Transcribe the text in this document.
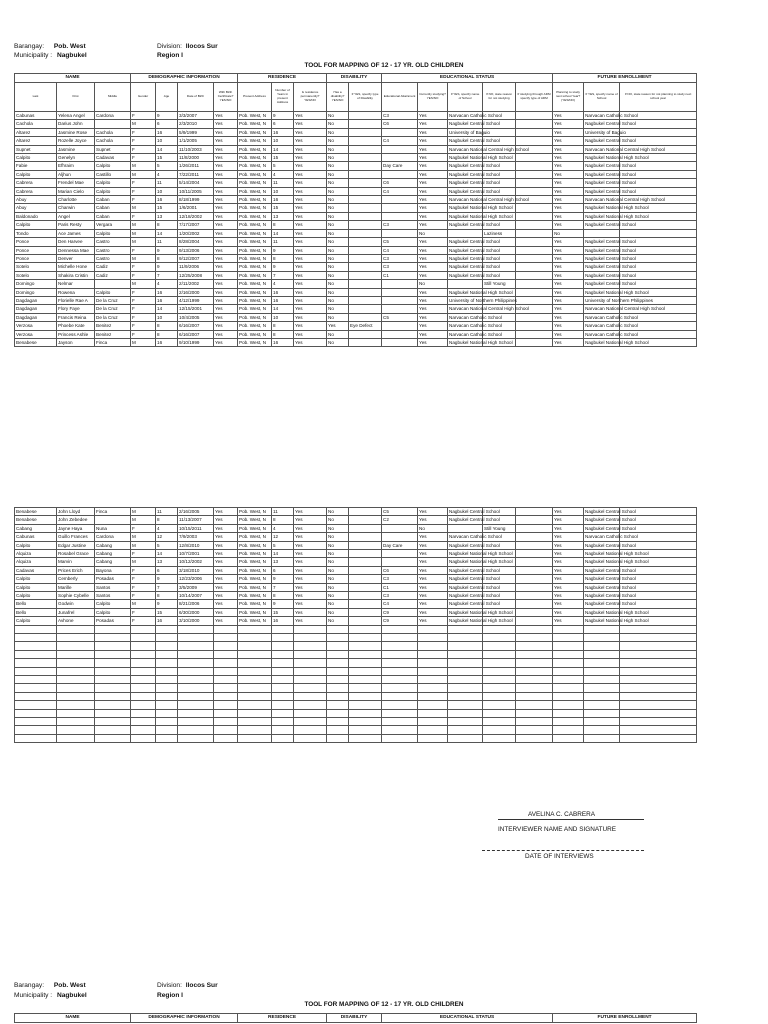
Barangay: Pob. West
Municipality : Nagbukel
Division: Ilocos Sur
Region I
TOOL FOR MAPPING OF 12 - 17 YR. OLD CHILDREN
NAME			DEMOGRAPHIC INFORMATION				RESIDENCE			DISABILITY		EDUCATIONAL STATUS					FUTURE ENROLLMENT		
Last	First	Middle	Gender	Age	Date of Birth	With Birth Certificate? YES/NO	Present Address	Number of Years in present Address	Is residence permanently? YES/NO	Has a disability? YES/NO	If YES, specify type of Disability	Educational Attainment	Currently studying? YES/NO	If YES, specify name of School	If NO, state reason for not studying	If studying through ADM specify type of ADM	Planning to study next school Year? (YES/NO)	If YES, specify name of School	If NO, state reason for not planning to study next school year
Cabunas	Yelena Angel	Cardona	F	9	3/3/2007	Yes	Pob. West, N	9	Yes	No		C3	Yes	Narvacan Catholic School			Yes	Narvacan Catholic School	
Cachola	Darius John		M	6	2/3/2010	Yes	Pob. West, N	6	Yes	No		C6	Yes	Nagbukel Central School			Yes	Nagbukel Central School	
Altarez	Jasmine Rose	Cachola	F	16	5/9/1999	Yes	Pob. West, N	16	Yes	No			Yes	University of Baguio			Yes	University of Baguio	
Altarez	Rozelle Joyce	Cachola	F	10	1/1/2005	Yes	Pob. West, N	10	Yes	No		C4	Yes	Nagbukel Central School			Yes	Nagbukel Central School	
Supnet	Jasmine	Supnet	F	14	11/10/2003	Yes	Pob. West, N	14	Yes	No			Yes	Narvacan National Central High School			Yes	Narvacan National Central High School	
Calpito	Genelyn	Cadavas	F	15	11/8/2000	Yes	Pob. West, N	15	Yes	No			Yes	Nagbukel National High School			Yes	Nagbukel National High School	
Fabie	Efhraim	Calpito	M	5	1/26/2011	Yes	Pob. West, N	5	Yes	No		Day Care	Yes	Nagbukel Central School			Yes	Nagbukel Central School	
Calpito	Aljhun	Castillo	M	4	7/22/2011	Yes	Pob. West, N	4	Yes	No			Yes	Nagbukel Central School			Yes	Nagbukel Central School	
Cabrera	Frendel Mae	Calpito	F	11	5/14/2004	Yes	Pob. West, N	11	Yes	No		C6	Yes	Nagbukel Central School			Yes	Nagbukel Central School	
Cabrera	Marian Cielo	Calpito	F	10	10/11/2005	Yes	Pob. West, N	10	Yes	No		C4	Yes	Nagbukel Central School			Yes	Nagbukel Central School	
Abuy	Charlotte	Caban	F	16	8/18/1999	Yes	Pob. West, N	16	Yes	No			Yes	Narvacan National Central High School			Yes	Narvacan National Central High School	
Abuy	Charwin	Caban	M	15	1/6/2001	Yes	Pob. West, N	15	Yes	No			Yes	Nagbukel National High School			Yes	Nagbukel National High School	
Baldonado	Angel	Caban	F	13	12/18/2002	Yes	Pob. West, N	13	Yes	No			Yes	Nagbukel National High School			Yes	Nagbukel National High School	
Calpito	Paris Resty	Vergara	M	8	7/17/2007	Yes	Pob. West, N	8	Yes	No		C3	Yes	Nagbukel Central School			Yes	Nagbukel Central School	
Tondo	Ace James	Calpito	M	14	1/20/2002	Yes	Pob. West, N	14	Yes	No			No		Laziness		No		
Ponce	Den Harvee	Castro	M	11	8/28/2004	Yes	Pob. West, N	11	Yes	No		C5	Yes	Nagbukel Central School			Yes	Nagbukel Central School	
Ponce	Dennessa Mae	Castro	F	9	9/13/2006	Yes	Pob. West, N	9	Yes	No		C4	Yes	Nagbukel Central School			Yes	Nagbukel Central School	
Ponce	Denver	Castro	M	8	9/12/2007	Yes	Pob. West, N	8	Yes	No		C3	Yes	Nagbukel Central School			Yes	Nagbukel Central School	
Sotelo	Michelle Hone	Cadiz	F	9	11/9/2006	Yes	Pob. West, N	9	Yes	No		C3	Yes	Nagbukel Central School			Yes	Nagbukel Central School	
Sotelo	Shakira Cristin	Cadiz	F	7	12/25/2008	Yes	Pob. West, N	7	Yes	No		C1	Yes	Nagbukel Central School			Yes	Nagbukel Central School	
Domingo	Nelmar		M	4	2/11/2002	Yes	Pob. West, N	4	Yes	No			No		Still Young		Yes	Nagbukel Central School	
Domingo	Rowena	Calpito	F	16	2/16/2000	Yes	Pob. West, N	16	Yes	No			Yes	Nagbukel National High School			Yes	Nagbukel National High School	
Dagdagan	Florielle Rae A	De la Cruz	F	16	4/12/1999	Yes	Pob. West, N	16	Yes	No			Yes	University of Northern Philippines			Yes	University of Northern Philippines	
Dagdagan	Flory Faye	De la Cruz	F	14	12/15/2001	Yes	Pob. West, N	14	Yes	No			Yes	Narvacan National Central High School			Yes	Narvacan National Central High School	
Dagdagan	Francis Reina	De la Cruz	F	10	10/4/2005	Yes	Pob. West, N	10	Yes	No		C5	Yes	Narvacan Catholic School			Yes	Narvacan Catholic School	
Verzosa	Phoebe Kate	Benitez	F	8	6/16/2007	Yes	Pob. West, N	8	Yes	Yes	Eye Defect		Yes	Narvacan Catholic School			Yes	Narvacan Catholic School	
Verzosa	Princess Ashle	Benitez	F	8	6/16/2007	Yes	Pob. West, N	8	Yes	No			Yes	Narvacan Catholic School			Yes	Narvacan Catholic School	
Benabese	Jayson	Finca	M	16	9/10/1999	Yes	Pob. West, N	16	Yes	No			Yes	Nagbukel National High School			Yes	Nagbukel National High School	
Benabese	John Lloyd	Finca	M	11	2/16/2005	Yes	Pob. West, N	11	Yes	No		C5	Yes	Nagbukel Central School			Yes	Nagbukel Central School	
Benabese	John Zebedee		M	8	11/13/2007	Yes	Pob. West, N	8	Yes	No		C2	Yes	Nagbukel Central School			Yes	Nagbukel Central School	
Cabang	Jayne Haya	Nuna	F	4	10/15/2011	Yes	Pob. West, N	4	Yes	No			No		Still Young		Yes	Nagbukel Central School	
Cabunas	Guillo Frances	Cardona	M	12	7/9/2003	Yes	Pob. West, N	12	Yes	No			Yes	Narvacan Catholic School			Yes	Narvacan Catholic School	
Calpito	Edgar Justine	Cabang	M	5	12/8/2010	Yes	Pob. West, N	5	Yes	No		Day Care	Yes	Nagbukel Central School			Yes	Nagbukel Central School	
Alquiza	Rosabel Grace	Cabang	F	14	10/7/2001	Yes	Pob. West, N	14	Yes	No			Yes	Nagbukel National High School			Yes	Nagbukel National High School	
Alquiza	Marvin	Cabang	M	13	10/12/2002	Yes	Pob. West, N	13	Yes	No			Yes	Nagbukel National High School			Yes	Nagbukel National High School	
Cadavas	Prices Erich	Bayona	F	6	3/18/2010	Yes	Pob. West, N	6	Yes	No		C6	Yes	Nagbukel Central School			Yes	Nagbukel Central School	
Calpito	Cemberly	Posadas	F	9	12/23/2006	Yes	Pob. West, N	9	Yes	No		C3	Yes	Nagbukel Central School			Yes	Nagbukel Central School	
Calpito	Marille	Santos	F	7	3/5/2009	Yes	Pob. West, N	7	Yes	No		C1	Yes	Nagbukel Central School			Yes	Nagbukel Central School	
Calpito	Sophie Cybelle	Santos	F	8	10/14/2007	Yes	Pob. West, N	8	Yes	No		C3	Yes	Nagbukel Central School			Yes	Nagbukel Central School	
Bello	Godwin	Calpito	M	9	8/21/2006	Yes	Pob. West, N	9	Yes	No		C4	Yes	Nagbukel Central School			Yes	Nagbukel Central School	
Bello	Junafrel	Calpito	F	15	6/30/2000	Yes	Pob. West, N	15	Yes	No		C9	Yes	Nagbukel National High School			Yes	Nagbukel National High School	
Calpito	Avhone	Posadas	F	16	3/10/2000	Yes	Pob. West, N	16	Yes	No		C9	Yes	Nagbukel National High School			Yes	Nagbukel National High School	

AVELINA C. CABRERA
INTERVIEWER NAME AND SIGNATURE
DATE OF INTERVIEWS
Barangay: Pob. West
Municipality : Nagbukel
Division: Ilocos Sur
Region I
TOOL FOR MAPPING OF 12 - 17 YR. OLD CHILDREN
NAME	DEMOGRAPHIC INFORMATION	RESIDENCE	DISABILITY	EDUCATIONAL STATUS	FUTURE ENROLLMENT
